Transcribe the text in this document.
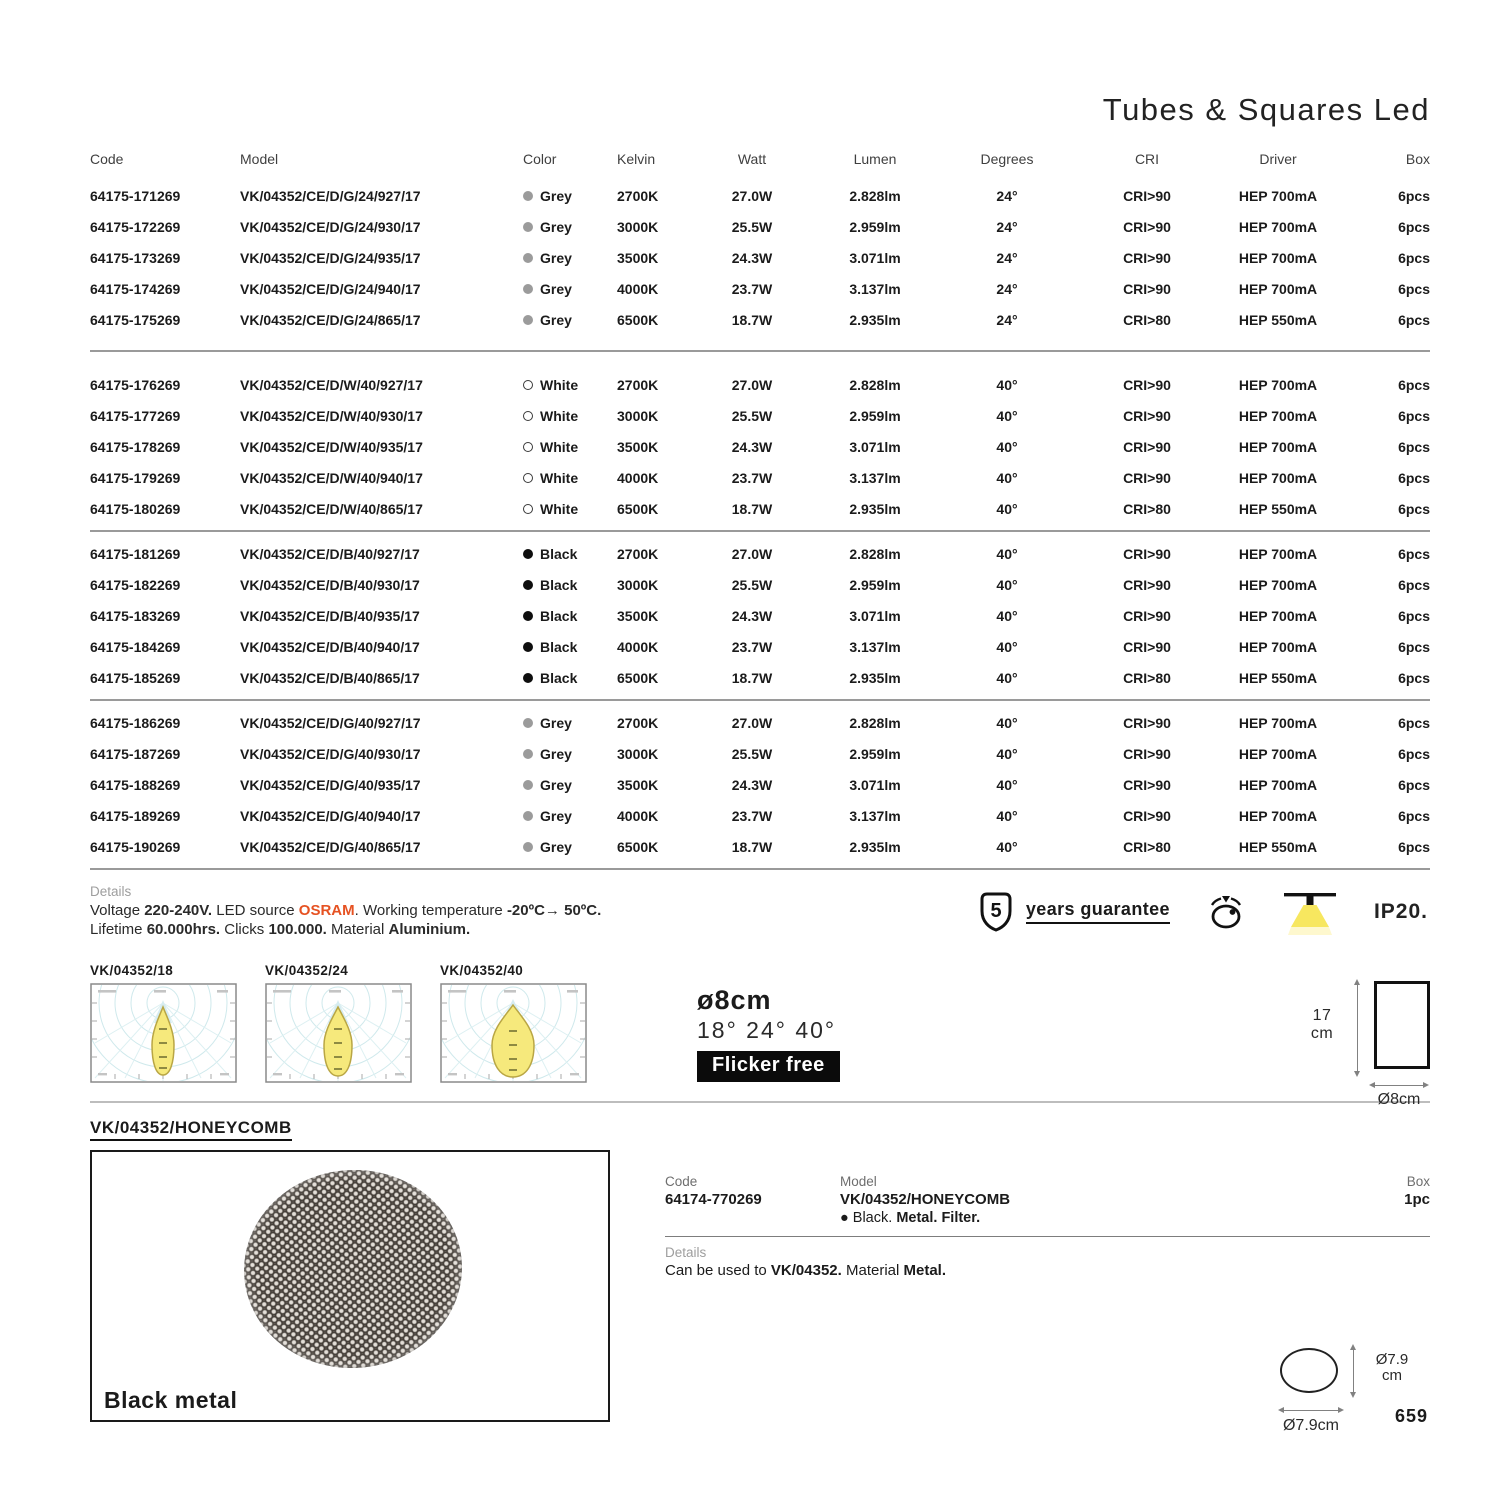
Tubes & Squares Led
Code	Model	Color	Kelvin	Watt	Lumen	Degrees	CRI	Driver	Box
64175-171269	VK/04352/CE/D/G/24/927/17	Grey	2700K	27.0W	2.828lm	24°	CRI>90	HEP 700mA	6pcs
64175-172269	VK/04352/CE/D/G/24/930/17	Grey	3000K	25.5W	2.959lm	24°	CRI>90	HEP 700mA	6pcs
64175-173269	VK/04352/CE/D/G/24/935/17	Grey	3500K	24.3W	3.071lm	24°	CRI>90	HEP 700mA	6pcs
64175-174269	VK/04352/CE/D/G/24/940/17	Grey	4000K	23.7W	3.137lm	24°	CRI>90	HEP 700mA	6pcs
64175-175269	VK/04352/CE/D/G/24/865/17	Grey	6500K	18.7W	2.935lm	24°	CRI>80	HEP 550mA	6pcs
64175-176269	VK/04352/CE/D/W/40/927/17	White	2700K	27.0W	2.828lm	40°	CRI>90	HEP 700mA	6pcs
64175-177269	VK/04352/CE/D/W/40/930/17	White	3000K	25.5W	2.959lm	40°	CRI>90	HEP 700mA	6pcs
64175-178269	VK/04352/CE/D/W/40/935/17	White	3500K	24.3W	3.071lm	40°	CRI>90	HEP 700mA	6pcs
64175-179269	VK/04352/CE/D/W/40/940/17	White	4000K	23.7W	3.137lm	40°	CRI>90	HEP 700mA	6pcs
64175-180269	VK/04352/CE/D/W/40/865/17	White	6500K	18.7W	2.935lm	40°	CRI>80	HEP 550mA	6pcs
64175-181269	VK/04352/CE/D/B/40/927/17	Black	2700K	27.0W	2.828lm	40°	CRI>90	HEP 700mA	6pcs
64175-182269	VK/04352/CE/D/B/40/930/17	Black	3000K	25.5W	2.959lm	40°	CRI>90	HEP 700mA	6pcs
64175-183269	VK/04352/CE/D/B/40/935/17	Black	3500K	24.3W	3.071lm	40°	CRI>90	HEP 700mA	6pcs
64175-184269	VK/04352/CE/D/B/40/940/17	Black	4000K	23.7W	3.137lm	40°	CRI>90	HEP 700mA	6pcs
64175-185269	VK/04352/CE/D/B/40/865/17	Black	6500K	18.7W	2.935lm	40°	CRI>80	HEP 550mA	6pcs
64175-186269	VK/04352/CE/D/G/40/927/17	Grey	2700K	27.0W	2.828lm	40°	CRI>90	HEP 700mA	6pcs
64175-187269	VK/04352/CE/D/G/40/930/17	Grey	3000K	25.5W	2.959lm	40°	CRI>90	HEP 700mA	6pcs
64175-188269	VK/04352/CE/D/G/40/935/17	Grey	3500K	24.3W	3.071lm	40°	CRI>90	HEP 700mA	6pcs
64175-189269	VK/04352/CE/D/G/40/940/17	Grey	4000K	23.7W	3.137lm	40°	CRI>90	HEP 700mA	6pcs
64175-190269	VK/04352/CE/D/G/40/865/17	Grey	6500K	18.7W	2.935lm	40°	CRI>80	HEP 550mA	6pcs
Details
Voltage 220-240V. LED source OSRAM. Working temperature -20ºC→ 50ºC.
Lifetime 60.000hrs. Clicks 100.000. Material Aluminium.
5 years guarantee	IP20.
VK/04352/18	VK/04352/24	VK/04352/40
ø8cm
18° 24° 40°
Flicker free
17
cm
Ø8cm
VK/04352/HONEYCOMB
Black metal
Code
64174-770269
Model
VK/04352/HONEYCOMB
● Black. Metal. Filter.
Box
1pc
Details
Can be used to VK/04352. Material Metal.
Ø7.9
cm
Ø7.9cm	659
